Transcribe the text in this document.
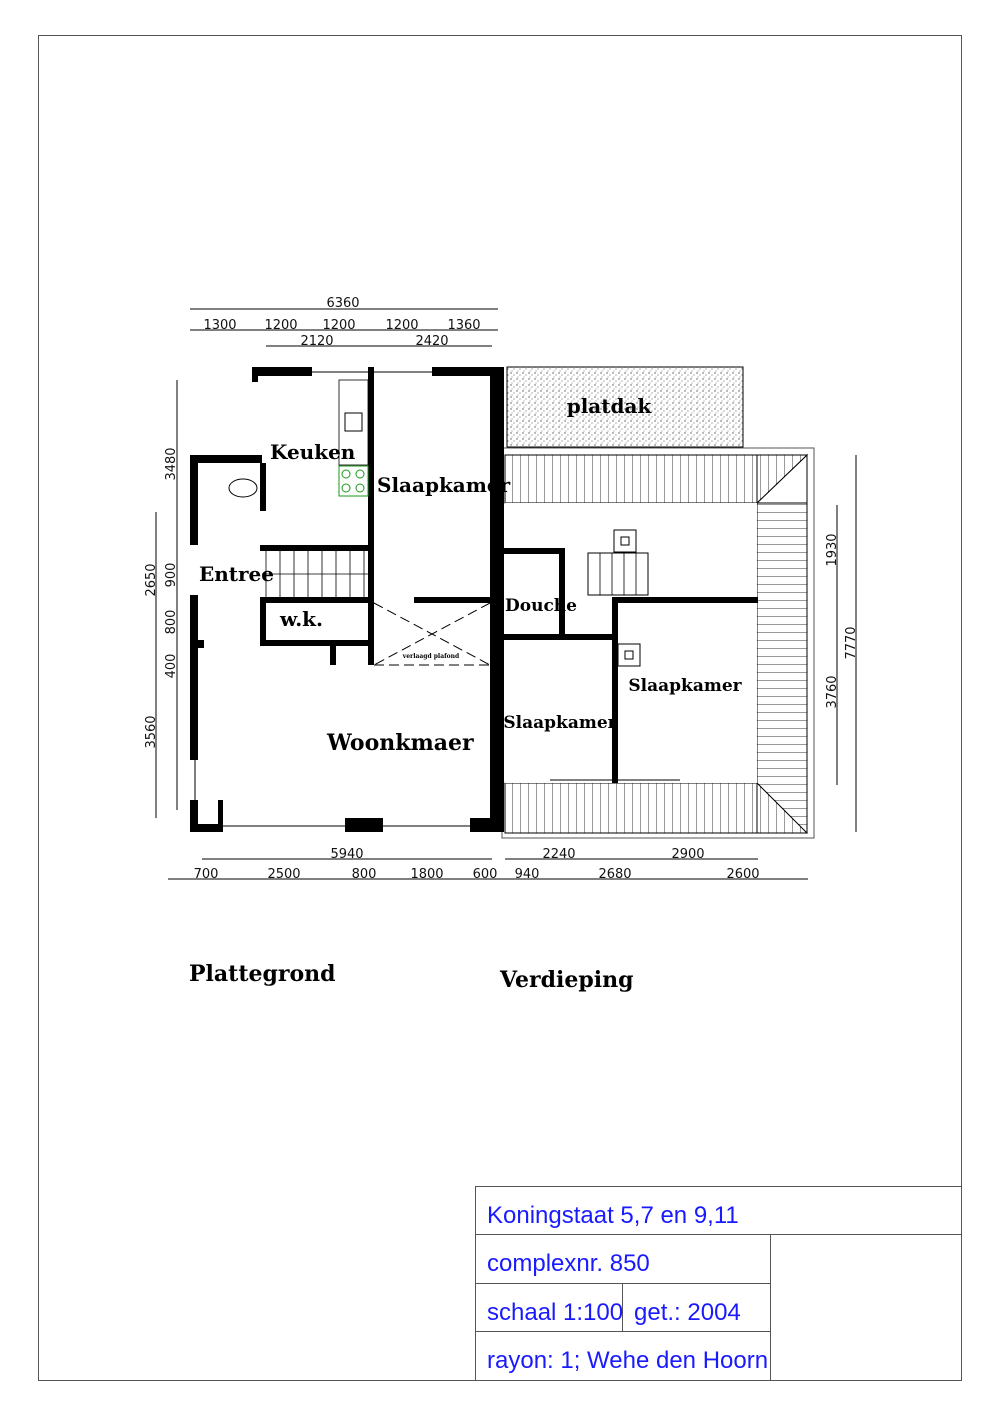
6360
1300 1200 1200 1200 1360
2120	2420
2650
3560
3480
900
800
400
1930
3760
7770
5940	2240	2900
700	2500	800	1800 600 940	2680	2600
platdak
Keuken
Slaapkamer
Entree
w.k.
verlaagd plafond
Woonkmaer
Douche
Slaapkamer
Slaapkamer
Plattegrond	Verdieping
Koningstaat 5,7 en 9,11
complexnr. 850
schaal 1:100 get.: 2004
rayon: 1; Wehe den Hoorn
